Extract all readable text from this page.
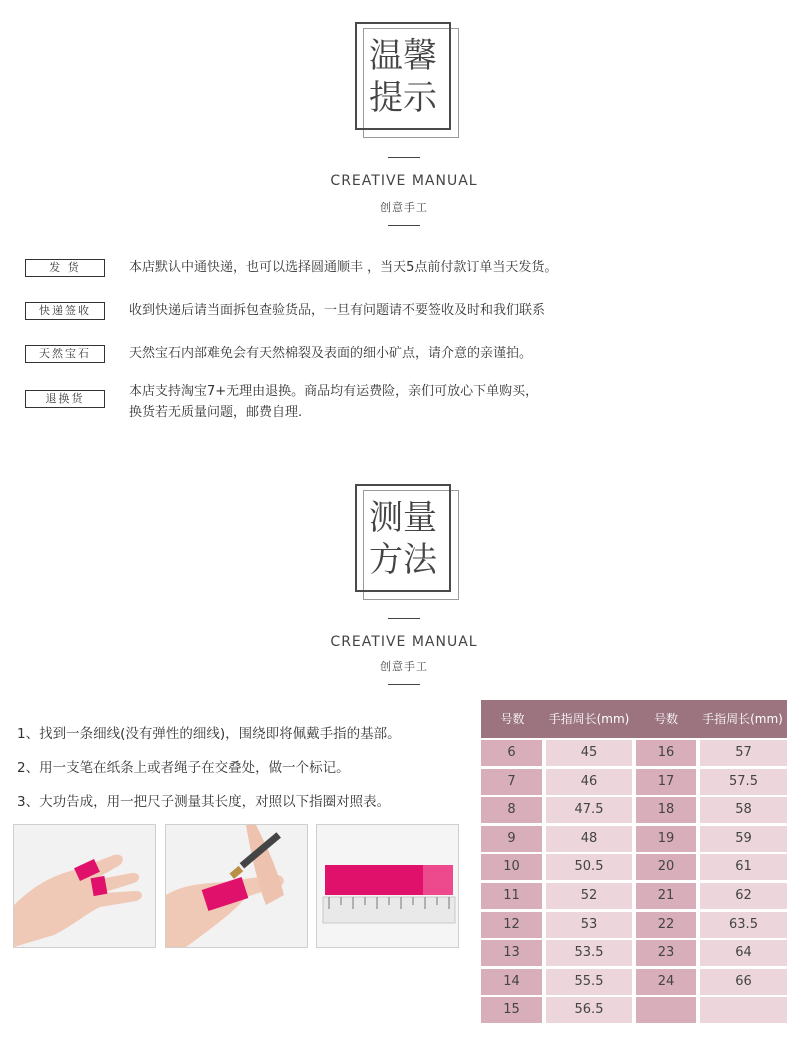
温馨
提示
CREATIVE MANUAL
创意手工
发 货	本店默认中通快递，也可以选择圆通顺丰 ，当天5点前付款订单当天发货。
快递签收	收到快递后请当面拆包查验货品，一旦有问题请不要签收及时和我们联系
天然宝石	天然宝石内部难免会有天然棉裂及表面的细小矿点，请介意的亲谨拍。
退换货	本店支持淘宝7+无理由退换。商品均有运费险，亲们可放心下单购买，
换货若无质量问题，邮费自理.
测量
方法
CREATIVE MANUAL
创意手工
1、找到一条细线(没有弹性的细线)，围绕即将佩戴手指的基部。
2、用一支笔在纸条上或者绳子在交叠处，做一个标记。
3、大功告成，用一把尺子测量其长度，对照以下指圈对照表。
号数	手指周长(mm)	号数	手指周长(mm)
6	45	16	57
7	46	17	57.5
8	47.5	18	58
9	48	19	59
10	50.5	20	61
11	52	21	62
12	53	22	63.5
13	53.5	23	64
14	55.5	24	66
15	56.5
